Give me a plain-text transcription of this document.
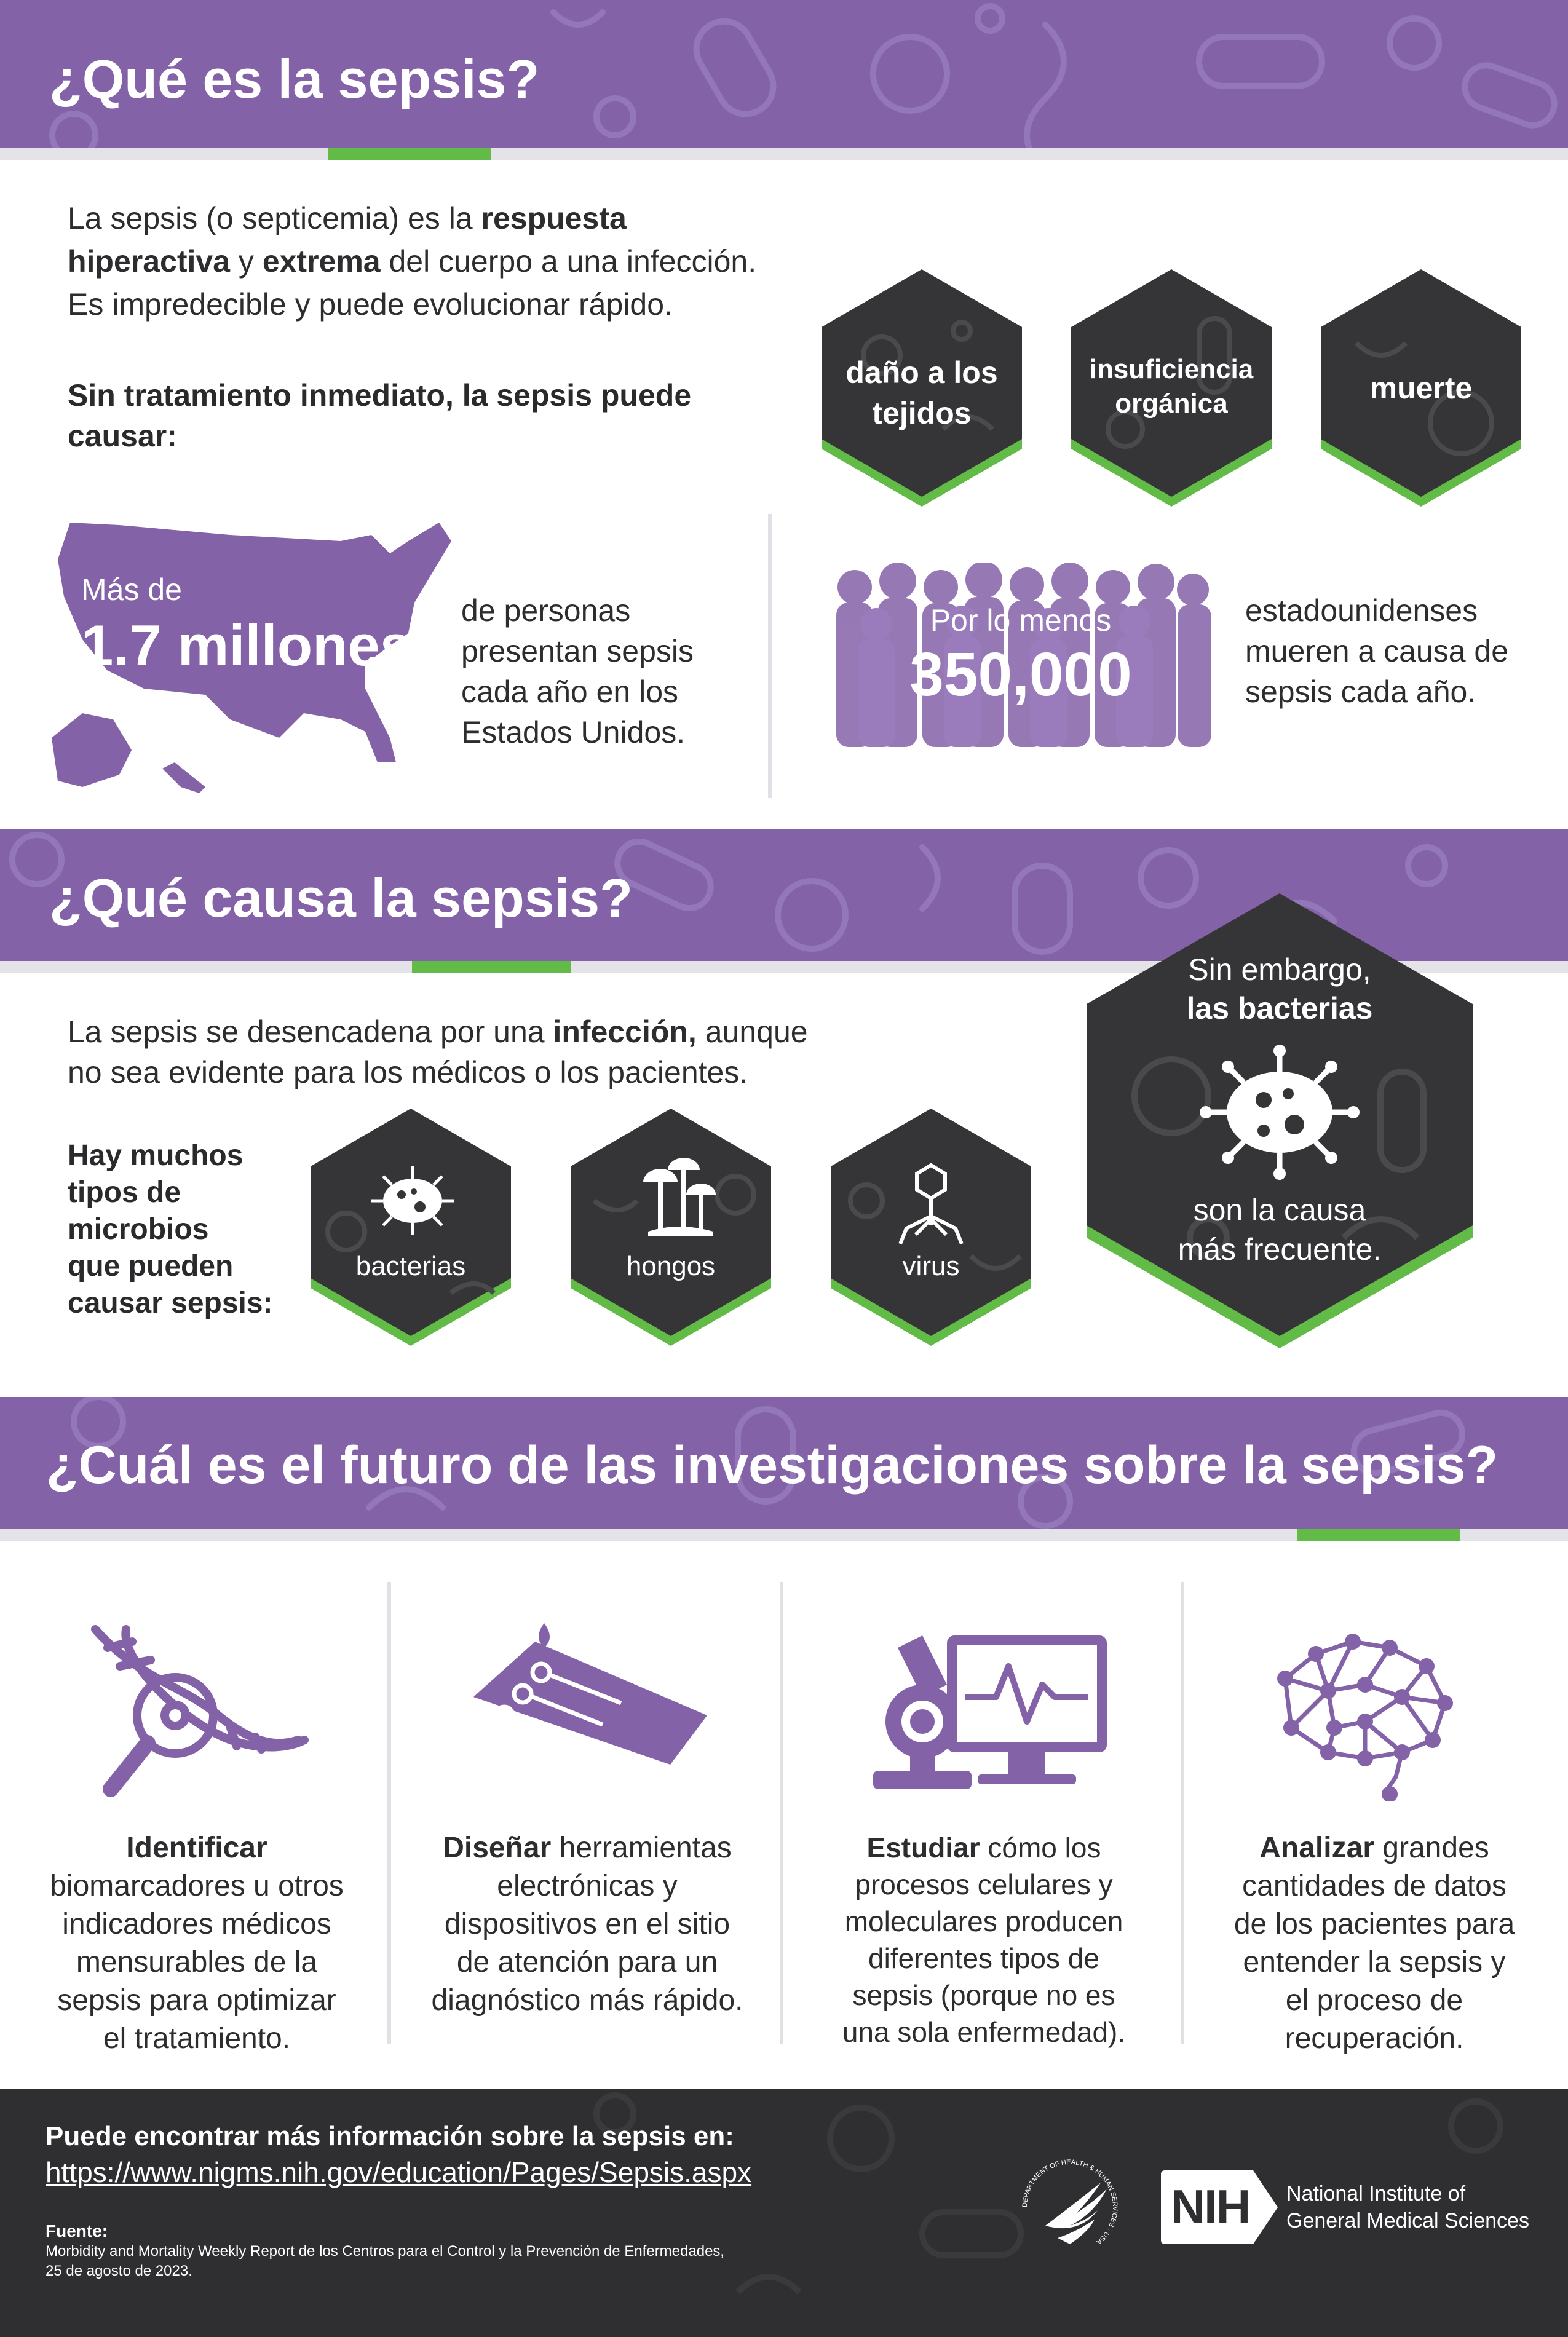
¿Qué es la sepsis?
La sepsis (o septicemia) es la respuesta
hiperactiva y extrema del cuerpo a una infección.
Es impredecible y puede evolucionar rápido.
Sin tratamiento inmediato, la sepsis puede
causar:
daño a los
tejidos
insuficiencia
orgánica	muerte
Más de
1.7 millones
de personas
presentan sepsis
cada año en los
Estados Unidos.
Por lo menos
350,000
estadounidenses
mueren a causa de
sepsis cada año.
¿Qué causa la sepsis?
La sepsis se desencadena por una infección, aunque
no sea evidente para los médicos o los pacientes.
Hay muchos
tipos de
microbios
que pueden
causar sepsis:
bacterias	hongos	virus
Sin embargo,
las bacterias
son la causa
más frecuente.
¿Cuál es el futuro de las investigaciones sobre la sepsis?
Identificar
biomarcadores u otros
indicadores médicos
mensurables de la
sepsis para optimizar
el tratamiento.
Diseñar herramientas
electrónicas y
dispositivos en el sitio
de atención para un
diagnóstico más rápido.
Estudiar cómo los
procesos celulares y
moleculares producen
diferentes tipos de
sepsis (porque no es
una sola enfermedad).
Analizar grandes
cantidades de datos
de los pacientes para
entender la sepsis y
el proceso de
recuperación.
Puede encontrar más información sobre la sepsis en:
https://www.nigms.nih.gov/education/Pages/Sepsis.aspx
Fuente:
Morbidity and Mortality Weekly Report de los Centros para el Control y la Prevención de Enfermedades,
25 de agosto de 2023.
DEPARTMENT OF HEALTH & HUMAN SERVICES · USA
NIH National Institute of
General Medical Sciences
